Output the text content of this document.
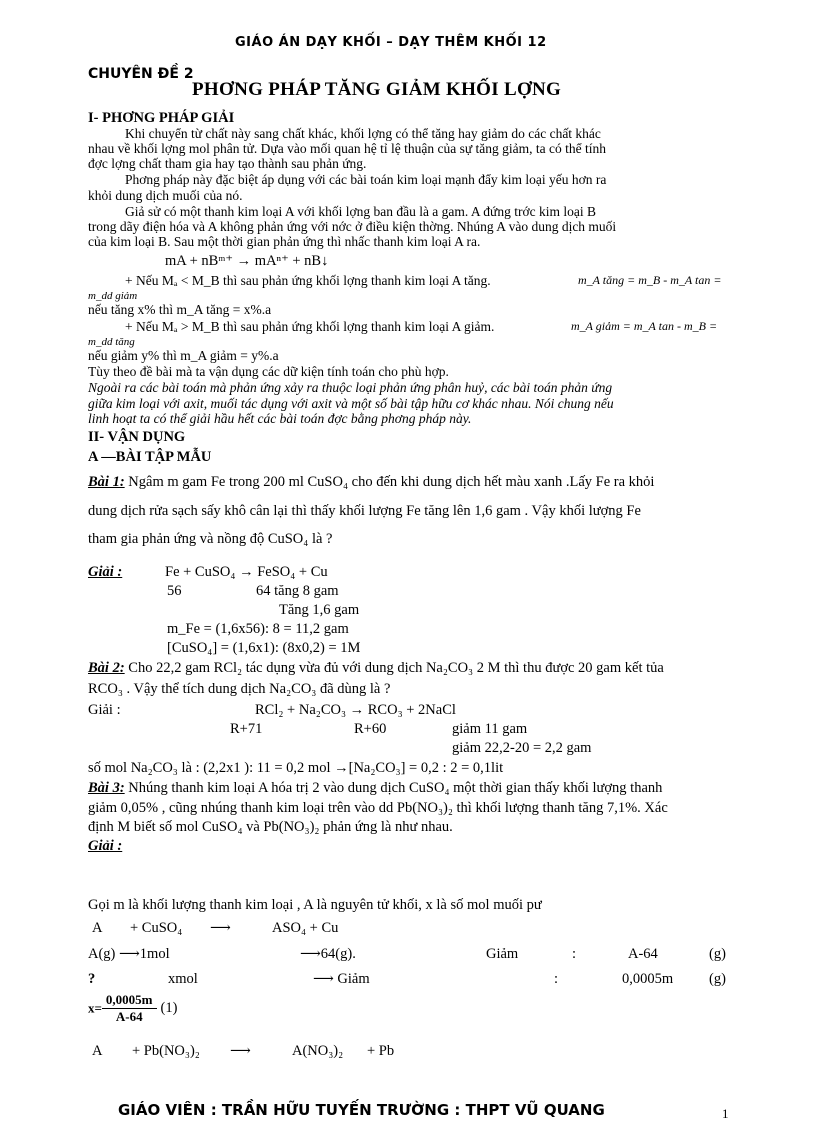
GIÁO ÁN DẠY KHỐI – DẠY THÊM KHỐI 12
CHUYÊN ĐỀ 2
PHƠNG PHÁP TĂNG GIẢM KHỐI LỢNG
I- PHƠNG PHÁP GIẢI
Khi chuyển từ chất này sang chất khác, khối lợng có thể tăng hay giảm do các chất khác
nhau về khối lợng mol phân tử. Dựa vào mối quan hệ tỉ lệ thuận của sự tăng giảm, ta có thể tính
đợc lợng chất tham gia hay tạo thành sau phản ứng.
Phơng pháp này đặc biệt áp dụng với các bài toán kim loại mạnh đẩy kim loại yếu hơn ra
khỏi dung dịch muối của nó.
Giả sử có một thanh kim loại A với khối lợng ban đầu là a gam. A đứng trớc kim loại B
trong dãy điện hóa và A không phản ứng với nớc ở điều kiện thờng. Nhúng A vào dung dịch muối
của kim loại B. Sau một thời gian phản ứng thì nhấc thanh kim loại A ra.
mA + nBᵐ⁺ → mAⁿ⁺ + nB↓
+ Nếu Mₐ < M_B thì sau phản ứng khối lợng thanh kim loại A tăng.	m_A tăng = m_B - m_A tan =
m_dd giảm
nếu tăng x% thì m_A tăng = x%.a
+ Nếu Mₐ > M_B thì sau phản ứng khối lợng thanh kim loại A giảm.	m_A giảm = m_A tan - m_B =
m_dd tăng
nếu giảm y% thì m_A giảm = y%.a
Tùy theo đề bài mà ta vận dụng các dữ kiện tính toán cho phù hợp.
Ngoài ra các bài toán mà phản ứng xảy ra thuộc loại phản ứng phân huỷ, các bài toán phản ứng
giữa kim loại với axit, muối tác dụng với axit và một số bài tập hữu cơ khác nhau. Nói chung nếu
linh hoạt ta có thể giải hầu hết các bài toán đợc bằng phơng pháp này.
II- VẬN DỤNG
A —BÀI TẬP MẪU
Bài 1: Ngâm m gam Fe trong 200 ml CuSO₄ cho đến khi dung dịch hết màu xanh .Lấy Fe ra khỏi
dung dịch rửa sạch sấy khô cân lại thì thấy khối lượng Fe tăng lên 1,6 gam . Vậy khối lượng Fe
tham gia phản ứng và nồng độ CuSO₄ là ?
Giải :	Fe + CuSO₄ → FeSO₄ + Cu
56	64 tăng 8 gam
Tăng 1,6 gam
m_Fe = (1,6x56): 8 = 11,2 gam
[CuSO₄] = (1,6x1): (8x0,2) = 1M
Bài 2: Cho 22,2 gam RCl₂ tác dụng vừa đủ với dung dịch Na₂CO₃ 2 M thì thu được 20 gam kết tủa
RCO₃ . Vậy thể tích dung dịch Na₂CO₃ đã dùng là ?
Giải :	RCl₂ + Na₂CO₃ → RCO₃ + 2NaCl
R+71	R+60	giảm 11 gam
giảm 22,2-20 = 2,2 gam
số mol Na₂CO₃ là : (2,2x1 ): 11 = 0,2 mol →[Na₂CO₃] = 0,2 : 2 = 0,1lit
Bài 3: Nhúng thanh kim loại A hóa trị 2 vào dung dịch CuSO₄ một thời gian thấy khối lượng thanh
giảm 0,05% , cũng nhúng thanh kim loại trên vào dd Pb(NO₃)₂ thì khối lượng thanh tăng 7,1%. Xác
định M biết số mol CuSO₄ và Pb(NO₃)₂ phản ứng là như nhau.
Giải :
Gọi m là khối lượng thanh kim loại , A là nguyên tử khối, x là số mol muối pư
A + CuSO₄ ⟶	ASO₄ + Cu
A(g) ⟶1mol	⟶64(g).	Giảm	:	A-64	(g)
?	xmol	⟶ Giảm	:	0,0005m (g)
$x= \frac{0,0005m}{A-64} (1)$
A + Pb(NO₃)₂ ⟶	A(NO₃)₂ + Pb
GIÁO VIÊN : TRẦN HỮU TUYẾN TRƯỜNG : THPT VŨ QUANG	1
